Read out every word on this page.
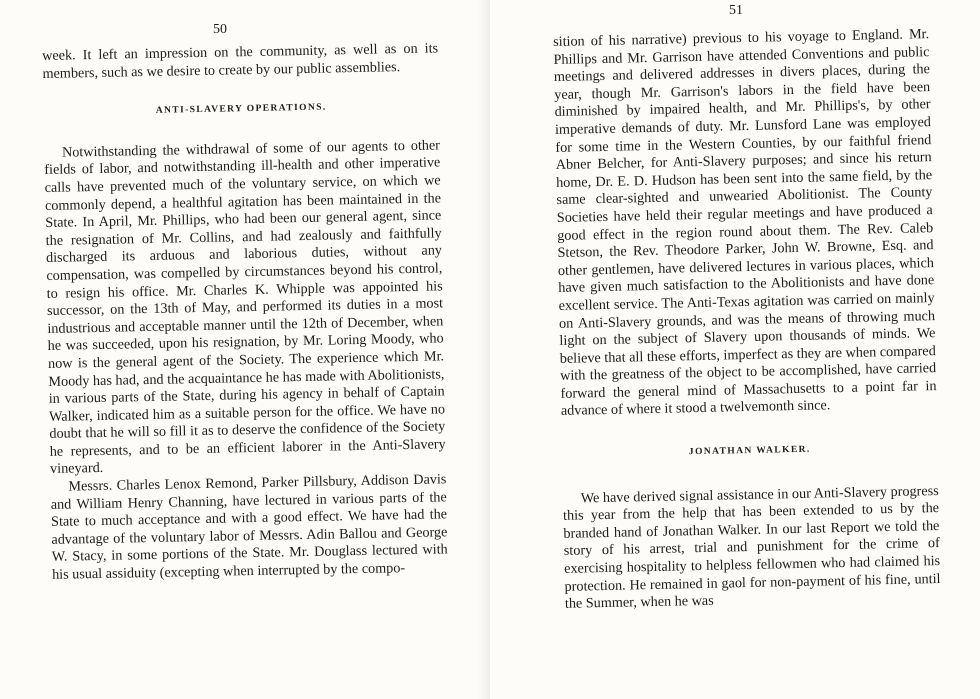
50

week. It left an impression on the community, as well as on its members, such as we desire to create by our public assemblies.

ANTI-SLAVERY OPERATIONS.

Notwithstanding the withdrawal of some of our agents to other fields of labor, and notwithstanding ill-health and other imperative calls have prevented much of the voluntary service, on which we commonly depend, a healthful agitation has been maintained in the State. In April, Mr. Phillips, who had been our general agent, since the resignation of Mr. Collins, and had zealously and faithfully discharged its arduous and laborious duties, without any compensation, was compelled by circumstances beyond his control, to resign his office. Mr. Charles K. Whipple was appointed his successor, on the 13th of May, and performed its duties in a most industrious and acceptable manner until the 12th of December, when he was succeeded, upon his resignation, by Mr. Loring Moody, who now is the general agent of the Society. The experience which Mr. Moody has had, and the acquaintance he has made with Abolitionists, in various parts of the State, during his agency in behalf of Captain Walker, indicated him as a suitable person for the office. We have no doubt that he will so fill it as to deserve the confidence of the Society he represents, and to be an efficient laborer in the Anti-Slavery vineyard.

Messrs. Charles Lenox Remond, Parker Pillsbury, Addison Davis and William Henry Channing, have lectured in various parts of the State to much acceptance and with a good effect. We have had the advantage of the voluntary labor of Messrs. Adin Ballou and George W. Stacy, in some portions of the State. Mr. Douglass lectured with his usual assiduity (excepting when interrupted by the compo-

51

sition of his narrative) previous to his voyage to England. Mr. Phillips and Mr. Garrison have attended Conventions and public meetings and delivered addresses in divers places, during the year, though Mr. Garrison's labors in the field have been diminished by impaired health, and Mr. Phillips's, by other imperative demands of duty. Mr. Lunsford Lane was employed for some time in the Western Counties, by our faithful friend Abner Belcher, for Anti-Slavery purposes; and since his return home, Dr. E. D. Hudson has been sent into the same field, by the same clear-sighted and unwearied Abolitionist. The County Societies have held their regular meetings and have produced a good effect in the region round about them. The Rev. Caleb Stetson, the Rev. Theodore Parker, John W. Browne, Esq. and other gentlemen, have delivered lectures in various places, which have given much satisfaction to the Abolitionists and have done excellent service. The Anti-Texas agitation was carried on mainly on Anti-Slavery grounds, and was the means of throwing much light on the subject of Slavery upon thousands of minds. We believe that all these efforts, imperfect as they are when compared with the greatness of the object to be accomplished, have carried forward the general mind of Massachusetts to a point far in advance of where it stood a twelvemonth since.

JONATHAN WALKER.

We have derived signal assistance in our Anti-Slavery progress this year from the help that has been extended to us by the branded hand of Jonathan Walker. In our last Report we told the story of his arrest, trial and punishment for the crime of exercising hospitality to helpless fellowmen who had claimed his protection. He remained in gaol for non-payment of his fine, until the Summer, when he was
